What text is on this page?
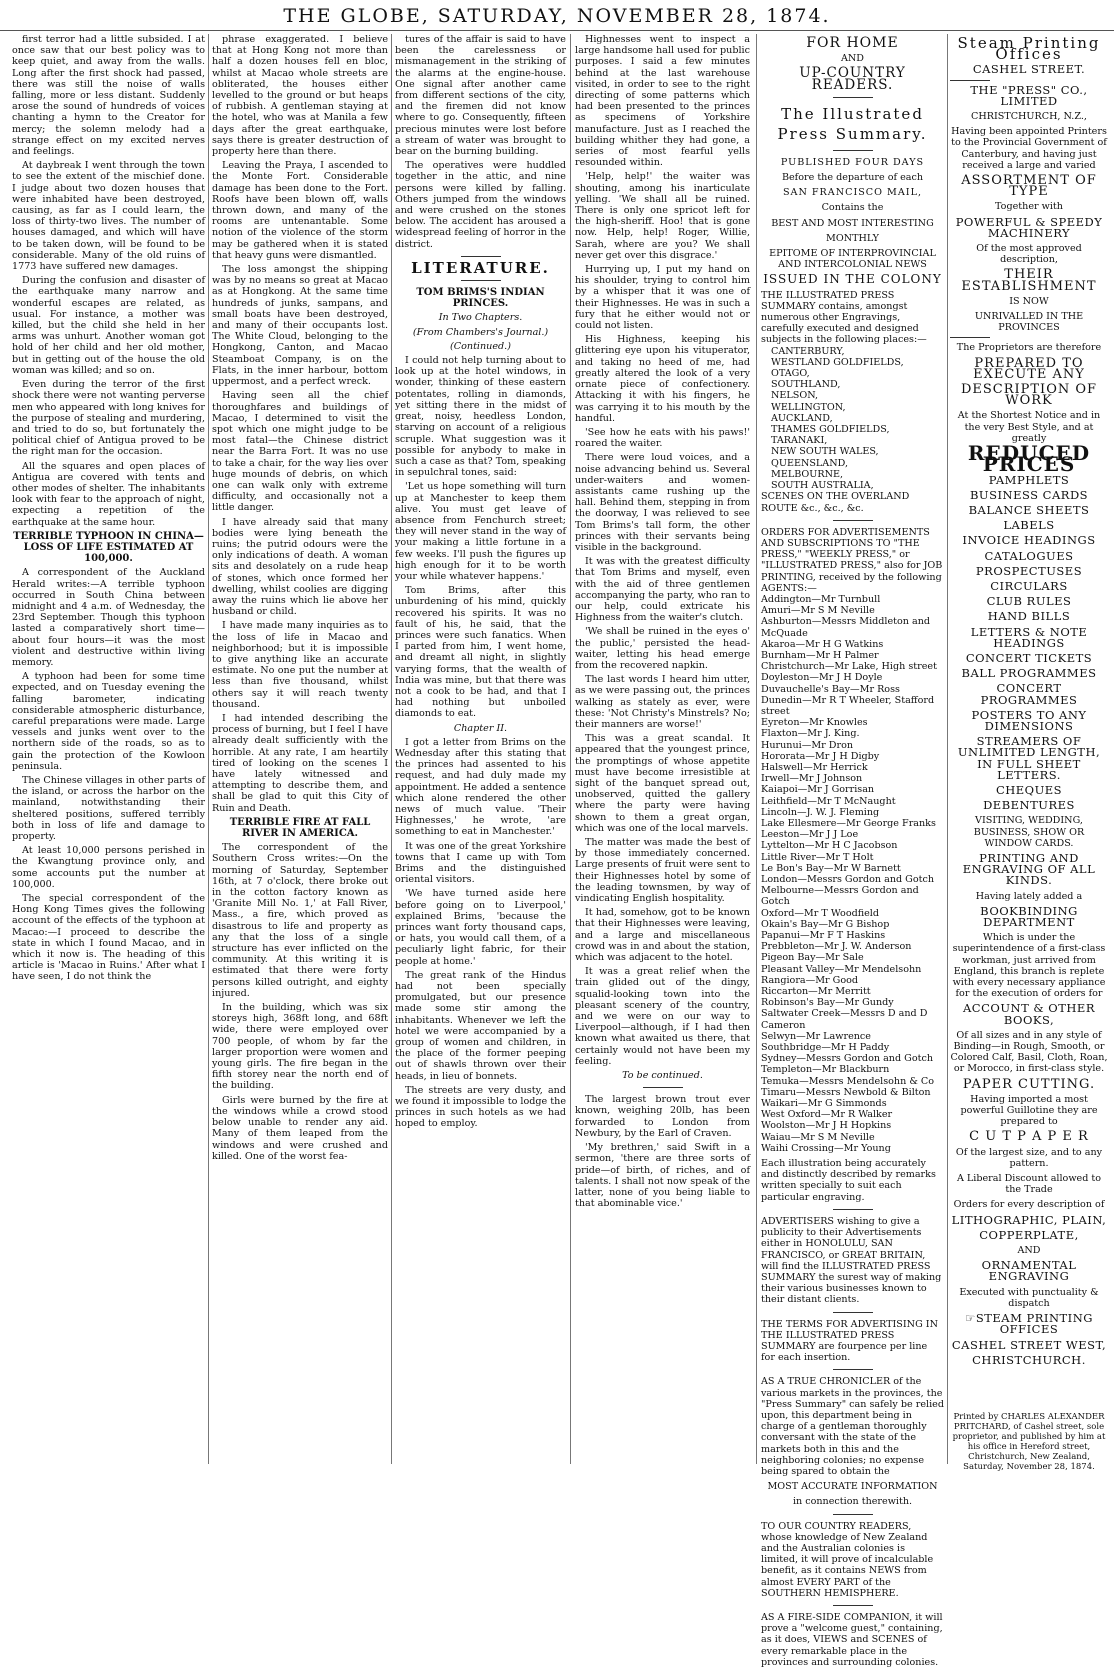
THE GLOBE, SATURDAY, NOVEMBER 28, 1874.

first terror had a little subsided. I at once saw that our best policy was to keep quiet, and away from the walls. Long after the first shock had passed, there was still the noise of walls falling, more or less distant. Suddenly arose the sound of hundreds of voices chanting a hymn to the Creator for mercy; the solemn melody had a strange effect on my excited nerves and feelings.

At daybreak I went through the town to see the extent of the mischief done. I judge about two dozen houses that were inhabited have been destroyed, causing, as far as I could learn, the loss of thirty-two lives. The number of houses damaged, and which will have to be taken down, will be found to be considerable. Many of the old ruins of 1773 have suffered new damages.

During the confusion and disaster of the earthquake many narrow and wonderful escapes are related, as usual. For instance, a mother was killed, but the child she held in her arms was unhurt. Another woman got hold of her child and her old mother, but in getting out of the house the old woman was killed; and so on.

Even during the terror of the first shock there were not wanting perverse men who appeared with long knives for the purpose of stealing and murdering, and tried to do so, but fortunately the political chief of Antigua proved to be the right man for the occasion.

All the squares and open places of Antigua are covered with tents and other modes of shelter. The inhabitants look with fear to the approach of night, expecting a repetition of the earthquake at the same hour.

TERRIBLE TYPHOON IN CHINA—LOSS OF LIFE ESTIMATED AT 100,000.

A correspondent of the Auckland Herald writes:—A terrible typhoon occurred in South China between midnight and 4 a.m. of Wednesday, the 23rd September. Though this typhoon lasted a comparatively short time—about four hours—it was the most violent and destructive within living memory.

A typhoon had been for some time expected, and on Tuesday evening the falling barometer, indicating considerable atmospheric disturbance, careful preparations were made. Large vessels and junks went over to the northern side of the roads, so as to gain the protection of the Kowloon peninsula.

The Chinese villages in other parts of the island, or across the harbor on the mainland, notwithstanding their sheltered positions, suffered terribly both in loss of life and damage to property.

At least 10,000 persons perished in the Kwangtung province only, and some accounts put the number at 100,000.

The special correspondent of the Hong Kong Times gives the following account of the effects of the typhoon at Macao:—I proceed to describe the state in which I found Macao, and in which it now is. The heading of this article is 'Macao in Ruins.' After what I have seen, I do not think the

phrase exaggerated. I believe that at Hong Kong not more than half a dozen houses fell en bloc, whilst at Macao whole streets are obliterated, the houses either levelled to the ground or but heaps of rubbish. A gentleman staying at the hotel, who was at Manila a few days after the great earthquake, says there is greater destruction of property here than there.

Leaving the Praya, I ascended to the Monte Fort. Considerable damage has been done to the Fort. Roofs have been blown off, walls thrown down, and many of the rooms are untenantable. Some notion of the violence of the storm may be gathered when it is stated that heavy guns were dismantled.

The loss amongst the shipping was by no means so great at Macao as at Hongkong. At the same time hundreds of junks, sampans, and small boats have been destroyed, and many of their occupants lost. The White Cloud, belonging to the Hongkong, Canton, and Macao Steamboat Company, is on the Flats, in the inner harbour, bottom uppermost, and a perfect wreck.

Having seen all the chief thoroughfares and buildings of Macao, I determined to visit the spot which one might judge to be most fatal—the Chinese district near the Barra Fort. It was no use to take a chair, for the way lies over huge mounds of debris, on which one can walk only with extreme difficulty, and occasionally not a little danger.

I have already said that many bodies were lying beneath the ruins; the putrid odours were the only indications of death. A woman sits and desolately on a rude heap of stones, which once formed her dwelling, whilst coolies are digging away the ruins which lie above her husband or child.

I have made many inquiries as to the loss of life in Macao and neighborhood; but it is impossible to give anything like an accurate estimate. No one put the number at less than five thousand, whilst others say it will reach twenty thousand.

I had intended describing the process of burning, but I feel I have already dealt sufficiently with the horrible. At any rate, I am heartily tired of looking on the scenes I have lately witnessed and attempting to describe them, and shall be glad to quit this City of Ruin and Death.

TERRIBLE FIRE AT FALL RIVER IN AMERICA.

The correspondent of the Southern Cross writes:—On the morning of Saturday, September 16th, at 7 o'clock, there broke out in the cotton factory known as 'Granite Mill No. 1,' at Fall River, Mass., a fire, which proved as disastrous to life and property as any that the loss of a single structure has ever inflicted on the community. At this writing it is estimated that there were forty persons killed outright, and eighty injured.

In the building, which was six storeys high, 368ft long, and 68ft wide, there were employed over 700 people, of whom by far the larger proportion were women and young girls. The fire began in the fifth storey near the north end of the building.

Girls were burned by the fire at the windows while a crowd stood below unable to render any aid. Many of them leaped from the windows and were crushed and killed. One of the worst fea-

tures of the affair is said to have been the carelessness or mismanagement in the striking of the alarms at the engine-house. One signal after another came from different sections of the city, and the firemen did not know where to go. Consequently, fifteen precious minutes were lost before a stream of water was brought to bear on the burning building.

The operatives were huddled together in the attic, and nine persons were killed by falling. Others jumped from the windows and were crushed on the stones below. The accident has aroused a widespread feeling of horror in the district.

LITERATURE.

TOM BRIMS'S INDIAN PRINCES.

In Two Chapters.

(From Chambers's Journal.)

(Continued.)

I could not help turning about to look up at the hotel windows, in wonder, thinking of these eastern potentates, rolling in diamonds, yet sitting there in the midst of great, noisy, heedless London, starving on account of a religious scruple. What suggestion was it possible for anybody to make in such a case as that? Tom, speaking in sepulchral tones, said:

'Let us hope something will turn up at Manchester to keep them alive. You must get leave of absence from Fenchurch street; they will never stand in the way of your making a little fortune in a few weeks. I'll push the figures up high enough for it to be worth your while whatever happens.'

Tom Brims, after this unburdening of his mind, quickly recovered his spirits. It was no fault of his, he said, that the princes were such fanatics. When I parted from him, I went home, and dreamt all night, in slightly varying forms, that the wealth of India was mine, but that there was not a cook to be had, and that I had nothing but unboiled diamonds to eat.

Chapter II.

I got a letter from Brims on the Wednesday after this stating that the princes had assented to his request, and had duly made my appointment. He added a sentence which alone rendered the other news of much value. 'Their Highnesses,' he wrote, 'are something to eat in Manchester.'

It was one of the great Yorkshire towns that I came up with Tom Brims and the distinguished oriental visitors.

'We have turned aside here before going on to Liverpool,' explained Brims, 'because the princes want forty thousand caps, or hats, you would call them, of a peculiarly light fabric, for their people at home.'

The great rank of the Hindus had not been specially promulgated, but our presence made some stir among the inhabitants. Whenever we left the hotel we were accompanied by a group of women and children, in the place of the former peeping out of shawls thrown over their heads, in lieu of bonnets.

The streets are very dusty, and we found it impossible to lodge the princes in such hotels as we had hoped to employ.

Highnesses went to inspect a large handsome hall used for public purposes. I said a few minutes behind at the last warehouse visited, in order to see to the right directing of some patterns which had been presented to the princes as specimens of Yorkshire manufacture. Just as I reached the building whither they had gone, a series of most fearful yells resounded within.

'Help, help!' the waiter was shouting, among his inarticulate yelling. 'We shall all be ruined. There is only one spricot left for the high-sheriff. Hoo! that is gone now. Help, help! Roger, Willie, Sarah, where are you? We shall never get over this disgrace.'

Hurrying up, I put my hand on his shoulder, trying to control him by a whisper that it was one of their Highnesses. He was in such a fury that he either would not or could not listen.

His Highness, keeping his glittering eye upon his vituperator, and taking no heed of me, had greatly altered the look of a very ornate piece of confectionery. Attacking it with his fingers, he was carrying it to his mouth by the handful.

'See how he eats with his paws!' roared the waiter.

There were loud voices, and a noise advancing behind us. Several under-waiters and women-assistants came rushing up the hall. Behind them, stepping in from the doorway, I was relieved to see Tom Brims's tall form, the other princes with their servants being visible in the background.

It was with the greatest difficulty that Tom Brims and myself, even with the aid of three gentlemen accompanying the party, who ran to our help, could extricate his Highness from the waiter's clutch.

'We shall be ruined in the eyes o' the public,' persisted the head-waiter, letting his head emerge from the recovered napkin.

The last words I heard him utter, as we were passing out, the princes walking as stately as ever, were these: 'Not Christy's Minstrels? No; their manners are worse!'

This was a great scandal. It appeared that the youngest prince, the promptings of whose appetite must have become irresistible at sight of the banquet spread out, unobserved, quitted the gallery where the party were having shown to them a great organ, which was one of the local marvels.

The matter was made the best of by those immediately concerned. Large presents of fruit were sent to their Highnesses hotel by some of the leading townsmen, by way of vindicating English hospitality.

It had, somehow, got to be known that their Highnesses were leaving, and a large and miscellaneous crowd was in and about the station, which was adjacent to the hotel.

It was a great relief when the train glided out of the dingy, squalid-looking town into the pleasant scenery of the country, and we were on our way to Liverpool—although, if I had then known what awaited us there, that certainly would not have been my feeling.

To be continued.

The largest brown trout ever known, weighing 20lb, has been forwarded to London from Newbury, by the Earl of Craven.

'My brethren,' said Swift in a sermon, 'there are three sorts of pride—of birth, of riches, and of talents. I shall not now speak of the latter, none of you being liable to that abominable vice.'

FOR HOME
AND
UP-COUNTRY READERS.
The Illustrated Press Summary.
PUBLISHED FOUR DAYS
Before the departure of each
SAN FRANCISCO MAIL,
Contains the
BEST AND MOST INTERESTING
MONTHLY
EPITOME OF INTERPROVINCIAL AND INTERCOLONIAL NEWS
ISSUED IN THE COLONY
THE ILLUSTRATED PRESS SUMMARY contains, amongst numerous other Engravings, carefully executed and designed subjects in the following places:—
CANTERBURY,
WESTLAND GOLDFIELDS,
OTAGO,
SOUTHLAND,
NELSON,
WELLINGTON,
AUCKLAND,
THAMES GOLDFIELDS,
TARANAKI,
NEW SOUTH WALES,
QUEENSLAND,
MELBOURNE,
SOUTH AUSTRALIA,
SCENES ON THE OVERLAND ROUTE &c., &c., &c.
ORDERS FOR ADVERTISEMENTS AND SUBSCRIPTIONS TO "THE PRESS," "WEEKLY PRESS," or "ILLUSTRATED PRESS," also for JOB PRINTING, received by the following AGENTS:—
Addington—Mr Turnbull
Amuri—Mr S M Neville
Ashburton—Messrs Middleton and McQuade
Akaroa—Mr H G Watkins
Burnham—Mr H Palmer
Christchurch—Mr Lake, High street
Doyleston—Mr J H Doyle
Duvauchelle's Bay—Mr Ross
Dunedin—Mr R T Wheeler, Stafford street
Eyreton—Mr Knowles
Flaxton—Mr J. King.
Hurunui—Mr Dron
Hororata—Mr J H Digby
Halswell—Mr Herrick
Irwell—Mr J Johnson
Kaiapoi—Mr J Gorrisan
Leithfield—Mr T McNaught
Lincoln—J. W. J. Fleming
Lake Ellesmere—Mr George Franks
Leeston—Mr J J Loe
Lyttelton—Mr H C Jacobson
Little River—Mr T Holt
Le Bon's Bay—Mr W Barnett
London—Messrs Gordon and Gotch
Melbourne—Messrs Gordon and Gotch
Oxford—Mr T Woodfield
Okain's Bay—Mr G Bishop
Papanui—Mr F T Haskins
Prebbleton—Mr J. W. Anderson
Pigeon Bay—Mr Sale
Pleasant Valley—Mr Mendelsohn
Rangiora—Mr Good
Riccarton—Mr Merritt
Robinson's Bay—Mr Gundy
Saltwater Creek—Messrs D and D Cameron
Selwyn—Mr Lawrence
Southbridge—Mr H Paddy
Sydney—Messrs Gordon and Gotch
Templeton—Mr Blackburn
Temuka—Messrs Mendelsohn & Co
Timaru—Messrs Newbold & Bilton
Waikari—Mr G Simmonds
West Oxford—Mr R Walker
Woolston—Mr J H Hopkins
Waiau—Mr S M Neville
Waihi Crossing—Mr Young
Each illustration being accurately and distinctly described by remarks written specially to suit each particular engraving.
ADVERTISERS wishing to give a publicity to their Advertisements either in HONOLULU, SAN FRANCISCO, or GREAT BRITAIN, will find the ILLUSTRATED PRESS SUMMARY the surest way of making their various businesses known to their distant clients.
THE TERMS FOR ADVERTISING IN THE ILLUSTRATED PRESS SUMMARY are fourpence per line for each insertion.
AS A TRUE CHRONICLER of the various markets in the provinces, the "Press Summary" can safely be relied upon, this department being in charge of a gentleman thoroughly conversant with the state of the markets both in this and the neighboring colonies; no expense being spared to obtain the
MOST ACCURATE INFORMATION
in connection therewith.
TO OUR COUNTRY READERS, whose knowledge of New Zealand and the Australian colonies is limited, it will prove of incalculable benefit, as it contains NEWS from almost EVERY PART of the SOUTHERN HEMISPHERE.
AS A FIRE-SIDE COMPANION, it will prove a "welcome guest," containing, as it does, VIEWS and SCENES of every remarkable place in the provinces and surrounding colonies.
Steam Printing Offices
CASHEL STREET.
THE "PRESS" CO., LIMITED
CHRISTCHURCH, N.Z.,
Having been appointed Printers to the Provincial Government of Canterbury, and having just received a large and varied
ASSORTMENT OF TYPE
Together with
POWERFUL & SPEEDY MACHINERY
Of the most approved description,
THEIR ESTABLISHMENT
IS NOW
UNRIVALLED IN THE PROVINCES
The Proprietors are therefore
PREPARED TO EXECUTE ANY
DESCRIPTION OF WORK
At the Shortest Notice and in the very Best Style, and at greatly
REDUCED PRICES
PAMPHLETS
BUSINESS CARDS
BALANCE SHEETS
LABELS
INVOICE HEADINGS
CATALOGUES
PROSPECTUSES
CIRCULARS
CLUB RULES
HAND BILLS
LETTERS & NOTE HEADINGS
CONCERT TICKETS
BALL PROGRAMMES
CONCERT PROGRAMMES
POSTERS TO ANY DIMENSIONS
STREAMERS OF UNLIMITED LENGTH, IN FULL SHEET LETTERS.
CHEQUES
DEBENTURES
VISITING, WEDDING, BUSINESS, SHOW OR WINDOW CARDS.
PRINTING AND ENGRAVING OF ALL KINDS.
Having lately added a
BOOKBINDING DEPARTMENT
Which is under the superintendence of a first-class workman, just arrived from England, this branch is replete with every necessary appliance for the execution of orders for
ACCOUNT & OTHER BOOKS,
Of all sizes and in any style of Binding—in Rough, Smooth, or Colored Calf, Basil, Cloth, Roan, or Morocco, in first-class style.
PAPER CUTTING.
Having imported a most powerful Guillotine they are prepared to
C U T P A P E R
Of the largest size, and to any pattern.
A Liberal Discount allowed to the Trade
Orders for every description of
LITHOGRAPHIC, PLAIN,
COPPERPLATE,
AND
ORNAMENTAL ENGRAVING
Executed with punctuality & dispatch
☞STEAM PRINTING OFFICES
CASHEL STREET WEST,
CHRISTCHURCH.
Printed by CHARLES ALEXANDER PRITCHARD, of Cashel street, sole proprietor, and published by him at his office in Hereford street, Christchurch, New Zealand, Saturday, November 28, 1874.
